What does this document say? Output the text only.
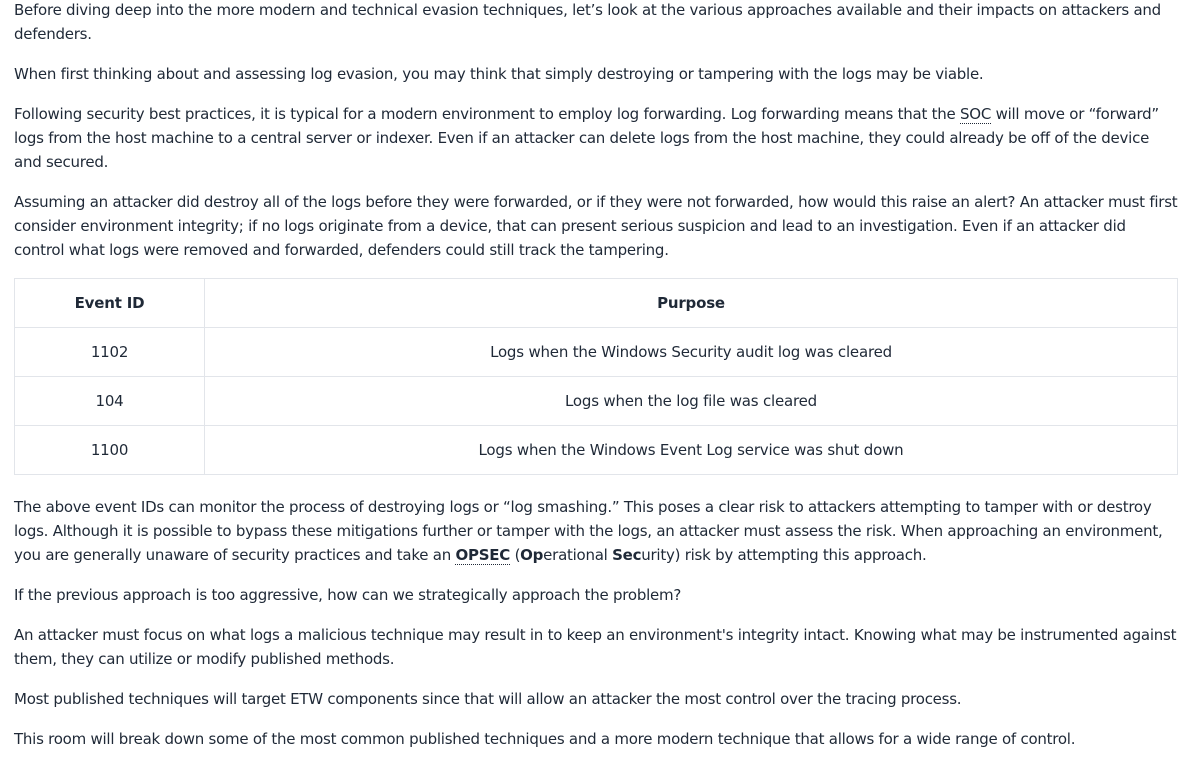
Before diving deep into the more modern and technical evasion techniques, let’s look at the various approaches available and their impacts on attackers and defenders.

When first thinking about and assessing log evasion, you may think that simply destroying or tampering with the logs may be viable.

Following security best practices, it is typical for a modern environment to employ log forwarding. Log forwarding means that the SOC will move or “forward” logs from the host machine to a central server or indexer. Even if an attacker can delete logs from the host machine, they could already be off of the device and secured.

Assuming an attacker did destroy all of the logs before they were forwarded, or if they were not forwarded, how would this raise an alert? An attacker must first consider environment integrity; if no logs originate from a device, that can present serious suspicion and lead to an investigation. Even if an attacker did control what logs were removed and forwarded, defenders could still track the tampering.

Event ID	Purpose
1102	Logs when the Windows Security audit log was cleared
104	Logs when the log file was cleared
1100	Logs when the Windows Event Log service was shut down

The above event IDs can monitor the process of destroying logs or “log smashing.” This poses a clear risk to attackers attempting to tamper with or destroy logs. Although it is possible to bypass these mitigations further or tamper with the logs, an attacker must assess the risk. When approaching an environment, you are generally unaware of security practices and take an OPSEC (Operational Security) risk by attempting this approach.

If the previous approach is too aggressive, how can we strategically approach the problem?

An attacker must focus on what logs a malicious technique may result in to keep an environment's integrity intact. Knowing what may be instrumented against them, they can utilize or modify published methods.

Most published techniques will target ETW components since that will allow an attacker the most control over the tracing process.

This room will break down some of the most common published techniques and a more modern technique that allows for a wide range of control.
